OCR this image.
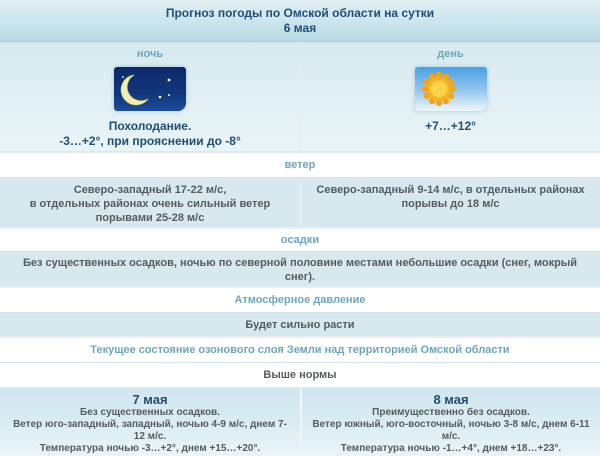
Прогноз погоды по Омской области на сутки
6 мая
ночь
Похолодание.
-3…+2°, при прояснении до -8°
день
+7…+12°
ветер
Северо-западный 17-22 м/с,
в отдельных районах очень сильный ветер порывами 25-28 м/с
Северо-западный 9-14 м/с, в отдельных районах порывы до 18 м/с
осадки
Без существенных осадков, ночью по северной половине местами небольшие осадки (снег, мокрый снег).
Атмосферное давление
Будет сильно расти
Текущее состояние озонового слоя Земли над территорией Омской области
Выше нормы
7 мая
Без существенных осадков.
Ветер юго-западный, западный, ночью 4-9 м/с, днем 7-12 м/с.
Температура ночью -3…+2°, днем +15…+20°.
8 мая
Преимущественно без осадков.
Ветер южный, юго-восточный, ночью 3-8 м/с, днем 6-11 м/с.
Температура ночью -1…+4°, днем +18…+23°.
